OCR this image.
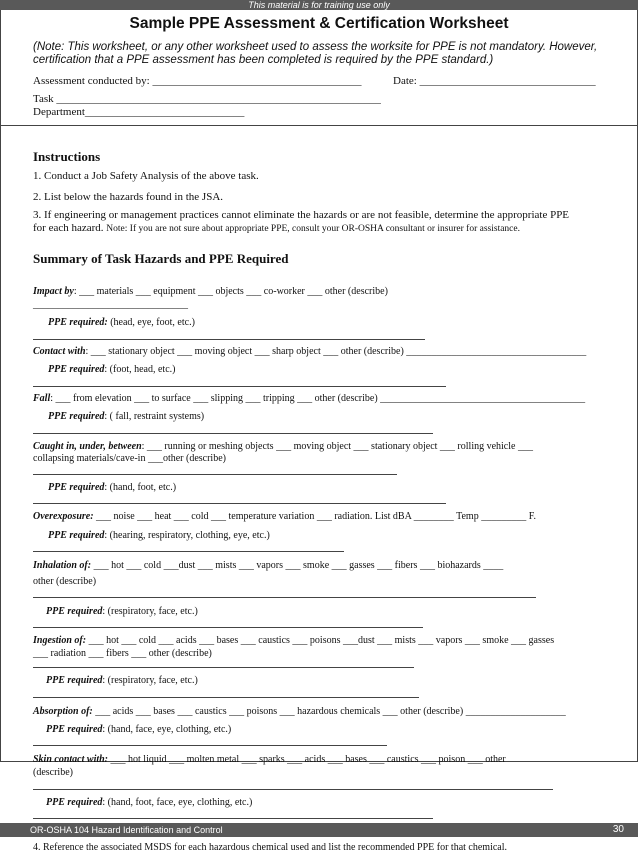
This material is for training use only
Sample PPE Assessment & Certification Worksheet
(Note: This worksheet, or any other worksheet used to assess the worksite for PPE is not mandatory. However, certification that a PPE assessment has been completed is required by the PPE standard.)
Assessment conducted by: ______________________________________	Date: ________________________________
Task ___________________________________________________________
Department_____________________________
Instructions
1. Conduct a Job Safety Analysis of the above task.
2. List below the hazards found in the JSA.
3. If engineering or management practices cannot eliminate the hazards or are not feasible, determine the appropriate PPE
for each hazard. Note: If you are not sure about appropriate PPE, consult your OR-OSHA consultant or insurer for assistance.
Summary of Task Hazards and PPE Required
Impact by: ___ materials ___ equipment ___ objects ___ co-worker ___ other (describe)
_______________________________
PPE required: (head, eye, foot, etc.)
Contact with: ___ stationary object ___ moving object ___ sharp object ___ other (describe) ____________________________________
PPE required: (foot, head, etc.)
Fall: ___ from elevation ___ to surface ___ slipping ___ tripping ___ other (describe) _________________________________________
PPE required: ( fall, restraint systems)
Caught in, under, between: ___ running or meshing objects ___ moving object ___ stationary object ___ rolling vehicle ___
collapsing materials/cave-in ___other (describe)
PPE required: (hand, foot, etc.)
Overexposure: ___ noise ___ heat ___ cold ___ temperature variation ___ radiation. List dBA ________ Temp _________ F.
PPE required: (hearing, respiratory, clothing, eye, etc.)
Inhalation of: ___ hot ___ cold ___dust ___ mists ___ vapors ___ smoke ___ gasses ___ fibers ___ biohazards ____
other (describe)
PPE required: (respiratory, face, etc.)
Ingestion of: ___ hot ___ cold ___ acids ___ bases ___ caustics ___ poisons ___dust ___ mists ___ vapors ___ smoke ___ gasses
___ radiation ___ fibers ___ other (describe)
PPE required: (respiratory, face, etc.)
Absorption of: ___ acids ___ bases ___ caustics ___ poisons ___ hazardous chemicals ___ other (describe) ____________________
PPE required: (hand, face, eye, clothing, etc.)
Skin contact with: ___ hot liquid ___ molten metal ___ sparks ___ acids ___ bases ___ caustics ___ poison ___ other
(describe)
PPE required: (hand, foot, face, eye, clothing, etc.)
OR-OSHA 104 Hazard Identification and Control	30
4. Reference the associated MSDS for each hazardous chemical used and list the recommended PPE for that chemical.
